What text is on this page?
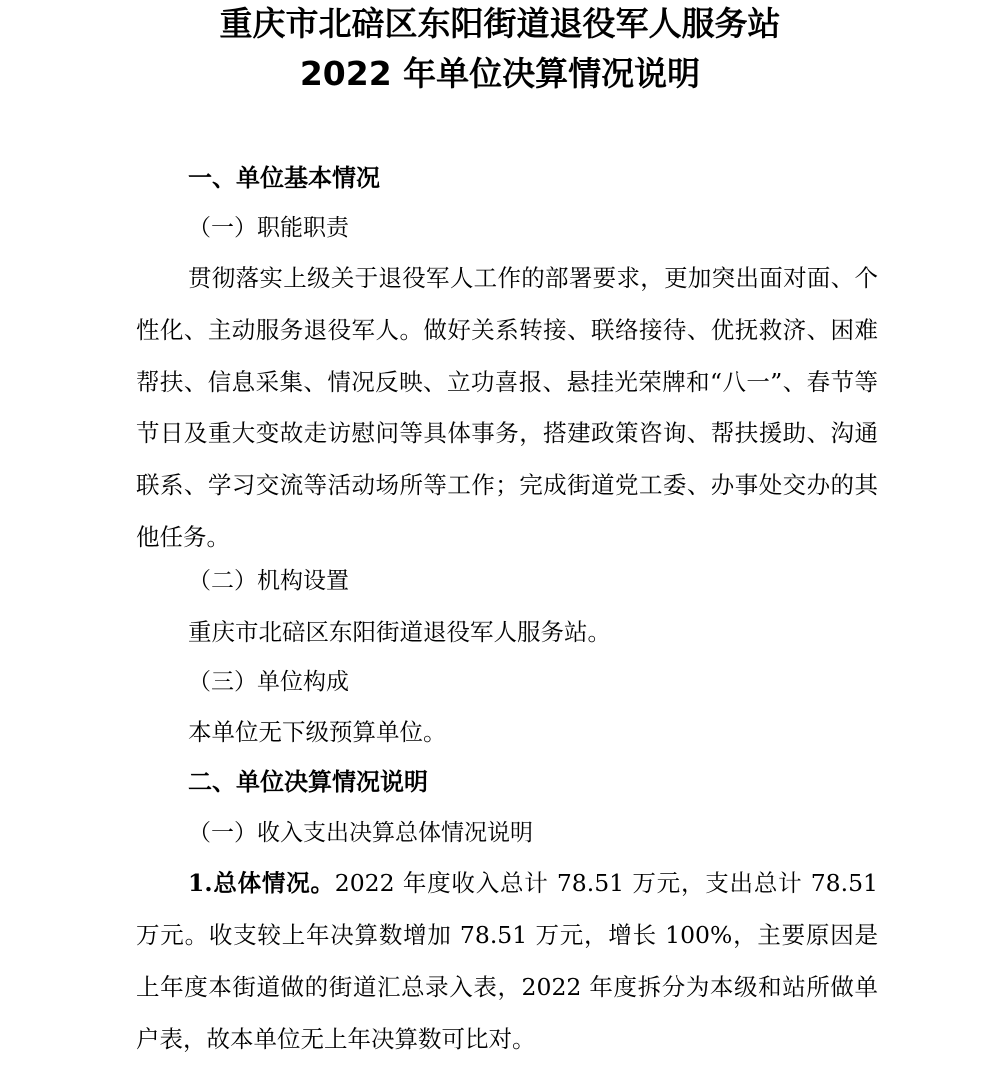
重庆市北碚区东阳街道退役军人服务站
2022 年单位决算情况说明
一、单位基本情况
（一）职能职责

贯彻落实上级关于退役军人工作的部署要求，更加突出面对面、个性化、主动服务退役军人。做好关系转接、联络接待、优抚救济、困难帮扶、信息采集、情况反映、立功喜报、悬挂光荣牌和“八一”、春节等节日及重大变故走访慰问等具体事务，搭建政策咨询、帮扶援助、沟通联系、学习交流等活动场所等工作；完成街道党工委、办事处交办的其他任务。

（二）机构设置
重庆市北碚区东阳街道退役军人服务站。
（三）单位构成
本单位无下级预算单位。
二、单位决算情况说明
（一）收入支出决算总体情况说明

1.总体情况。2022 年度收入总计 78.51 万元，支出总计 78.51 万元。收支较上年决算数增加 78.51 万元，增长 100%，主要原因是上年度本街道做的街道汇总录入表，2022 年度拆分为本级和站所做单户表，故本单位无上年决算数可比对。
